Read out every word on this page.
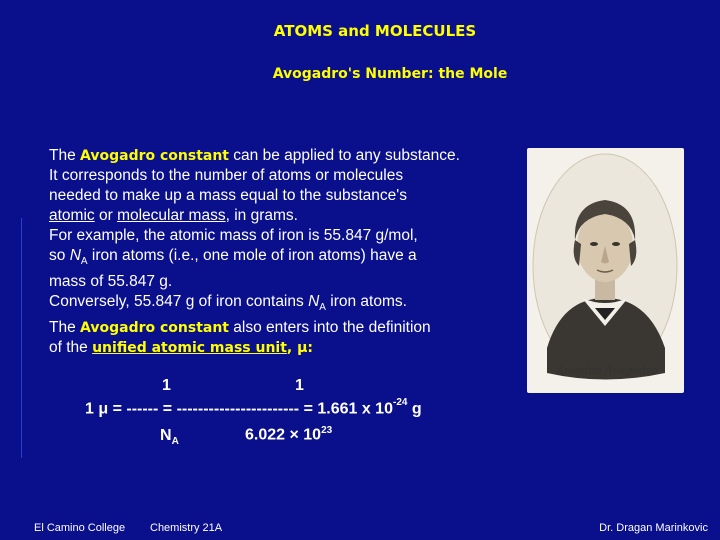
ATOMS and MOLECULES
Avogadro's Number: the Mole
The Avogadro constant can be applied to any substance.
It corresponds to the number of atoms or molecules
needed to make up a mass equal to the substance's
atomic or molecular mass, in grams.
For example, the atomic mass of iron is 55.847 g/mol,
so $N_A$ iron atoms (i.e., one mole of iron atoms) have a
mass of 55.847 g.
Conversely, 55.847 g of iron contains $N_A$ iron atoms.
The Avogadro constant also enters into the definition
of the unified atomic mass unit, μ:
Amedeo Avogadro
1	1
1 μ = ------ = ----------------------- = 1.661 x $10^{-24}$ g
$N_A$	$6.022 \times 10^{23}$
El Camino College Chemistry 21A	Dr. Dragan Marinkovic
